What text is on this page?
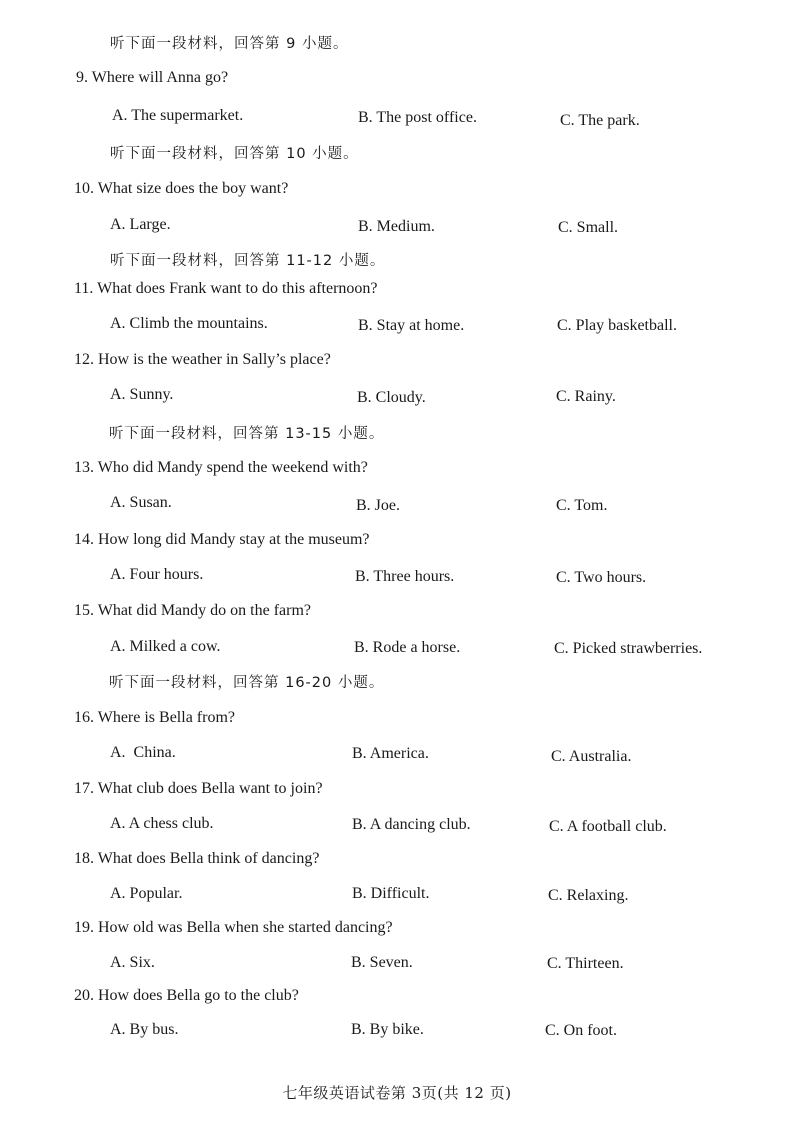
听下面一段材料，回答第 9 小题。
9. Where will Anna go?
A. The supermarket.	B. The post office.	C. The park.
听下面一段材料，回答第 10 小题。
10. What size does the boy want?
A. Large.	B. Medium.	C. Small.
听下面一段材料，回答第 11-12 小题。
11. What does Frank want to do this afternoon?
A. Climb the mountains.	B. Stay at home.	C. Play basketball.
12. How is the weather in Sally’s place?
A. Sunny.	B. Cloudy.	C. Rainy.
听下面一段材料，回答第 13-15 小题。
13. Who did Mandy spend the weekend with?
A. Susan.	B. Joe.	C. Tom.
14. How long did Mandy stay at the museum?
A. Four hours.	B. Three hours.	C. Two hours.
15. What did Mandy do on the farm?
A. Milked a cow.	B. Rode a horse.	C. Picked strawberries.
听下面一段材料，回答第 16-20 小题。
16. Where is Bella from?
A.  China.	B. America.	C. Australia.
17. What club does Bella want to join?
A. A chess club.	B. A dancing club.	C. A football club.
18. What does Bella think of dancing?
A. Popular.	B. Difficult.	C. Relaxing.
19. How old was Bella when she started dancing?
A. Six.	B. Seven.	C. Thirteen.
20. How does Bella go to the club?
A. By bus.	B. By bike.	C. On foot.
七年级英语试卷第 3页(共 12 页)
